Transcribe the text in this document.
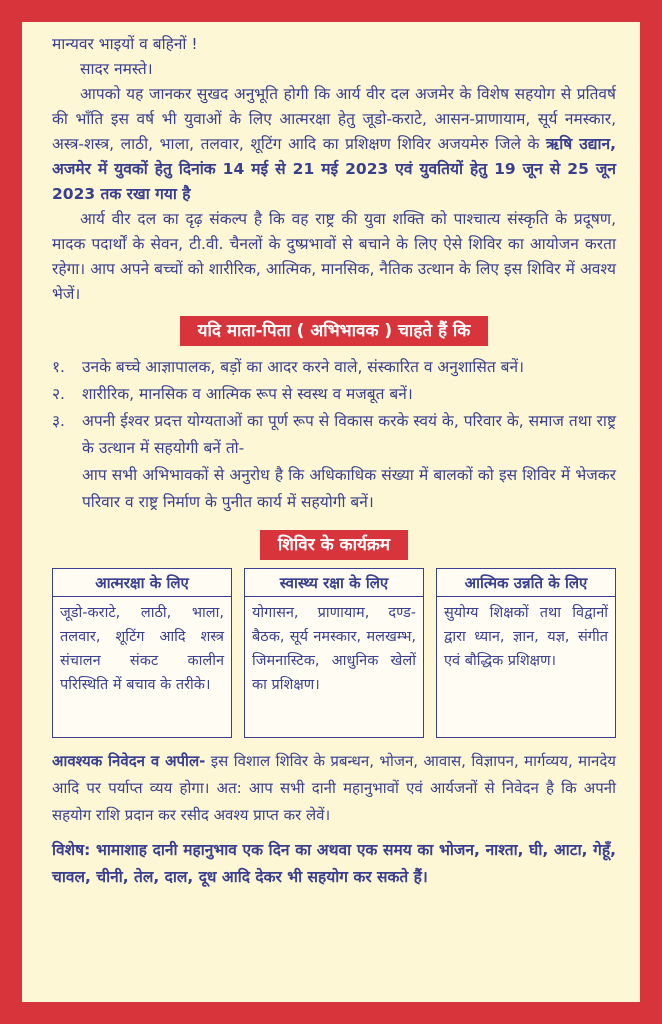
मान्यवर भाइयों व बहिनों !

सादर नमस्ते।

आपको यह जानकर सुखद अनुभूति होगी कि आर्य वीर दल अजमेर के विशेष सहयोग से प्रतिवर्ष की भाँति इस वर्ष भी युवाओं के लिए आत्मरक्षा हेतु जूडो-कराटे, आसन-प्राणायाम, सूर्य नमस्कार, अस्त्र-शस्त्र, लाठी, भाला, तलवार, शूटिंग आदि का प्रशिक्षण शिविर अजयमेरु जिले के ऋषि उद्यान, अजमेर में युवकों हेतु दिनांक 14 मई से 21 मई 2023 एवं युवतियों हेतु 19 जून से 25 जून 2023 तक रखा गया है

आर्य वीर दल का दृढ़ संकल्प है कि वह राष्ट्र की युवा शक्ति को पाश्चात्य संस्कृति के प्रदूषण, मादक पदार्थों के सेवन, टी.वी. चैनलों के दुष्प्रभावों से बचाने के लिए ऐसे शिविर का आयोजन करता रहेगा। आप अपने बच्चों को शारीरिक, आत्मिक, मानसिक, नैतिक उत्थान के लिए इस शिविर में अवश्य भेजें।

यदि माता-पिता ( अभिभावक ) चाहते हैं कि
१.	उनके बच्चे आज्ञापालक, बड़ों का आदर करने वाले, संस्कारित व अनुशासित बनें।
२.	शारीरिक, मानसिक व आत्मिक रूप से स्वस्थ व मजबूत बनें।
३.	अपनी ईश्वर प्रदत्त योग्यताओं का पूर्ण रूप से विकास करके स्वयं के, परिवार के, समाज तथा राष्ट्र के उत्थान में सहयोगी बनें तो-
आप सभी अभिभावकों से अनुरोध है कि अधिकाधिक संख्या में बालकों को इस शिविर में भेजकर परिवार व राष्ट्र निर्माण के पुनीत कार्य में सहयोगी बनें।
शिविर के कार्यक्रम
आत्मरक्षा के लिए
जूडो-कराटे, लाठी, भाला, तलवार, शूटिंग आदि शस्त्र संचालन संकट कालीन परिस्थिति में बचाव के तरीके।
स्वास्थ्य रक्षा के लिए
योगासन, प्राणायाम, दण्ड-बैठक, सूर्य नमस्कार, मलखम्भ, जिमनास्टिक, आधुनिक खेलों का प्रशिक्षण।
आत्मिक उन्नति के लिए
सुयोग्य शिक्षकों तथा विद्वानों द्वारा ध्यान, ज्ञान, यज्ञ, संगीत एवं बौद्धिक प्रशिक्षण।

आवश्यक निवेदन व अपील- इस विशाल शिविर के प्रबन्धन, भोजन, आवास, विज्ञापन, मार्गव्यय, मानदेय आदि पर पर्याप्त व्यय होगा। अत: आप सभी दानी महानुभावों एवं आर्यजनों से निवेदन है कि अपनी सहयोग राशि प्रदान कर रसीद अवश्य प्राप्त कर लेवें।

विशेष: भामाशाह दानी महानुभाव एक दिन का अथवा एक समय का भोजन, नाश्ता, घी, आटा, गेहूँ, चावल, चीनी, तेल, दाल, दूध आदि देकर भी सहयोग कर सकते हैं।
